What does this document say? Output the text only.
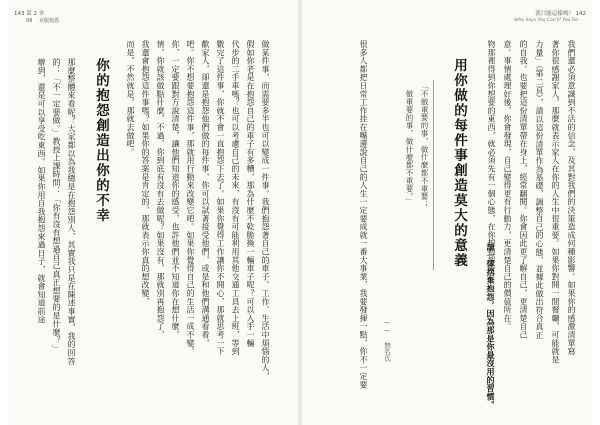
143 第 2 章
09 　克服抱怨
我只能這樣嗎？ 142
Who Says You Can't? You Do
我們還必須意識到不活的信念，及其對我們的決策造成何種影響。如果你的感激清單寫
著你很感謝家人，那麼就表示家人在你的人生中很重要。如果你對開一間餐廳，可能就是
力量」（第二頁），請以這份清單作為基礎，調整自己的心態，並據此做出符合真正
的自我。也要把這份清單帶在身上，經常翻閱。你會因此更了解自己，更清楚自己
意。事情處理好後，你會發現，自己變得更有行動力，更清楚自己的價值所在。
物那裡得到你想要的東西，就必須先有一個心態，在你想抱怨時，
請一律捨棄抱怨，因為那是你最沒用的習慣。
用你做的每件事創造莫大的意義
「不做重要的事，做什麼都不重要；
做重要的事，做什麼都不重要。」
—— 無名氏
很多人都把日常工作挂在嘴邊說自己的人生一定要成就一番大事業，我要發揮一點，你不一定要
做某件事，而需要多半也可以變成一件事。我們抱怨著自己的車子、工作、生活中煩惱的人，
假如你老是在抱怨自己的車子有多糟，那為什麼不乾脆換一輛車子呢？可以入手一輛
代步的二手車嗎？也可以考慮自己的未來，有沒有可能利用其他交通工具去上班，等到
數完了這件事，你就不會一直抱怨下去了。如果你覺得工作讓你不開心，那就思考一下
歡家人，卻還是抱怨他們做的每件事，你可以試著接受他們，或是和他們溝通看看，
吧。你不想要抱怨這件事，那就用行動來改變它吧。如果你覺得自己的生活一成不變，
你，一定要跟對方說清楚，讓他們知道你的感受，也許他們並不知道你在想什麼，
情，你就該做點什麼，不過，你到底有沒有去做呢？如果沒有，那就別再抱怨了，
我還會抱怨這件事嗎？如果你的答案是肯定的，那就表示你真的想改變，
而是，不然就是，那就去做吧。
你的抱怨創造出你的不幸
那麼整體來看呢？大家都以為我總是在抱怨別人，其實我只是在陳述事實，我的回答
的：「不一定要做。」教授上課時問：「你有沒有想過自己真正想要的是什麼？」
辦到，還是可以享受吃東西。如果你用自我抱怨來過日子，就會知道前途
